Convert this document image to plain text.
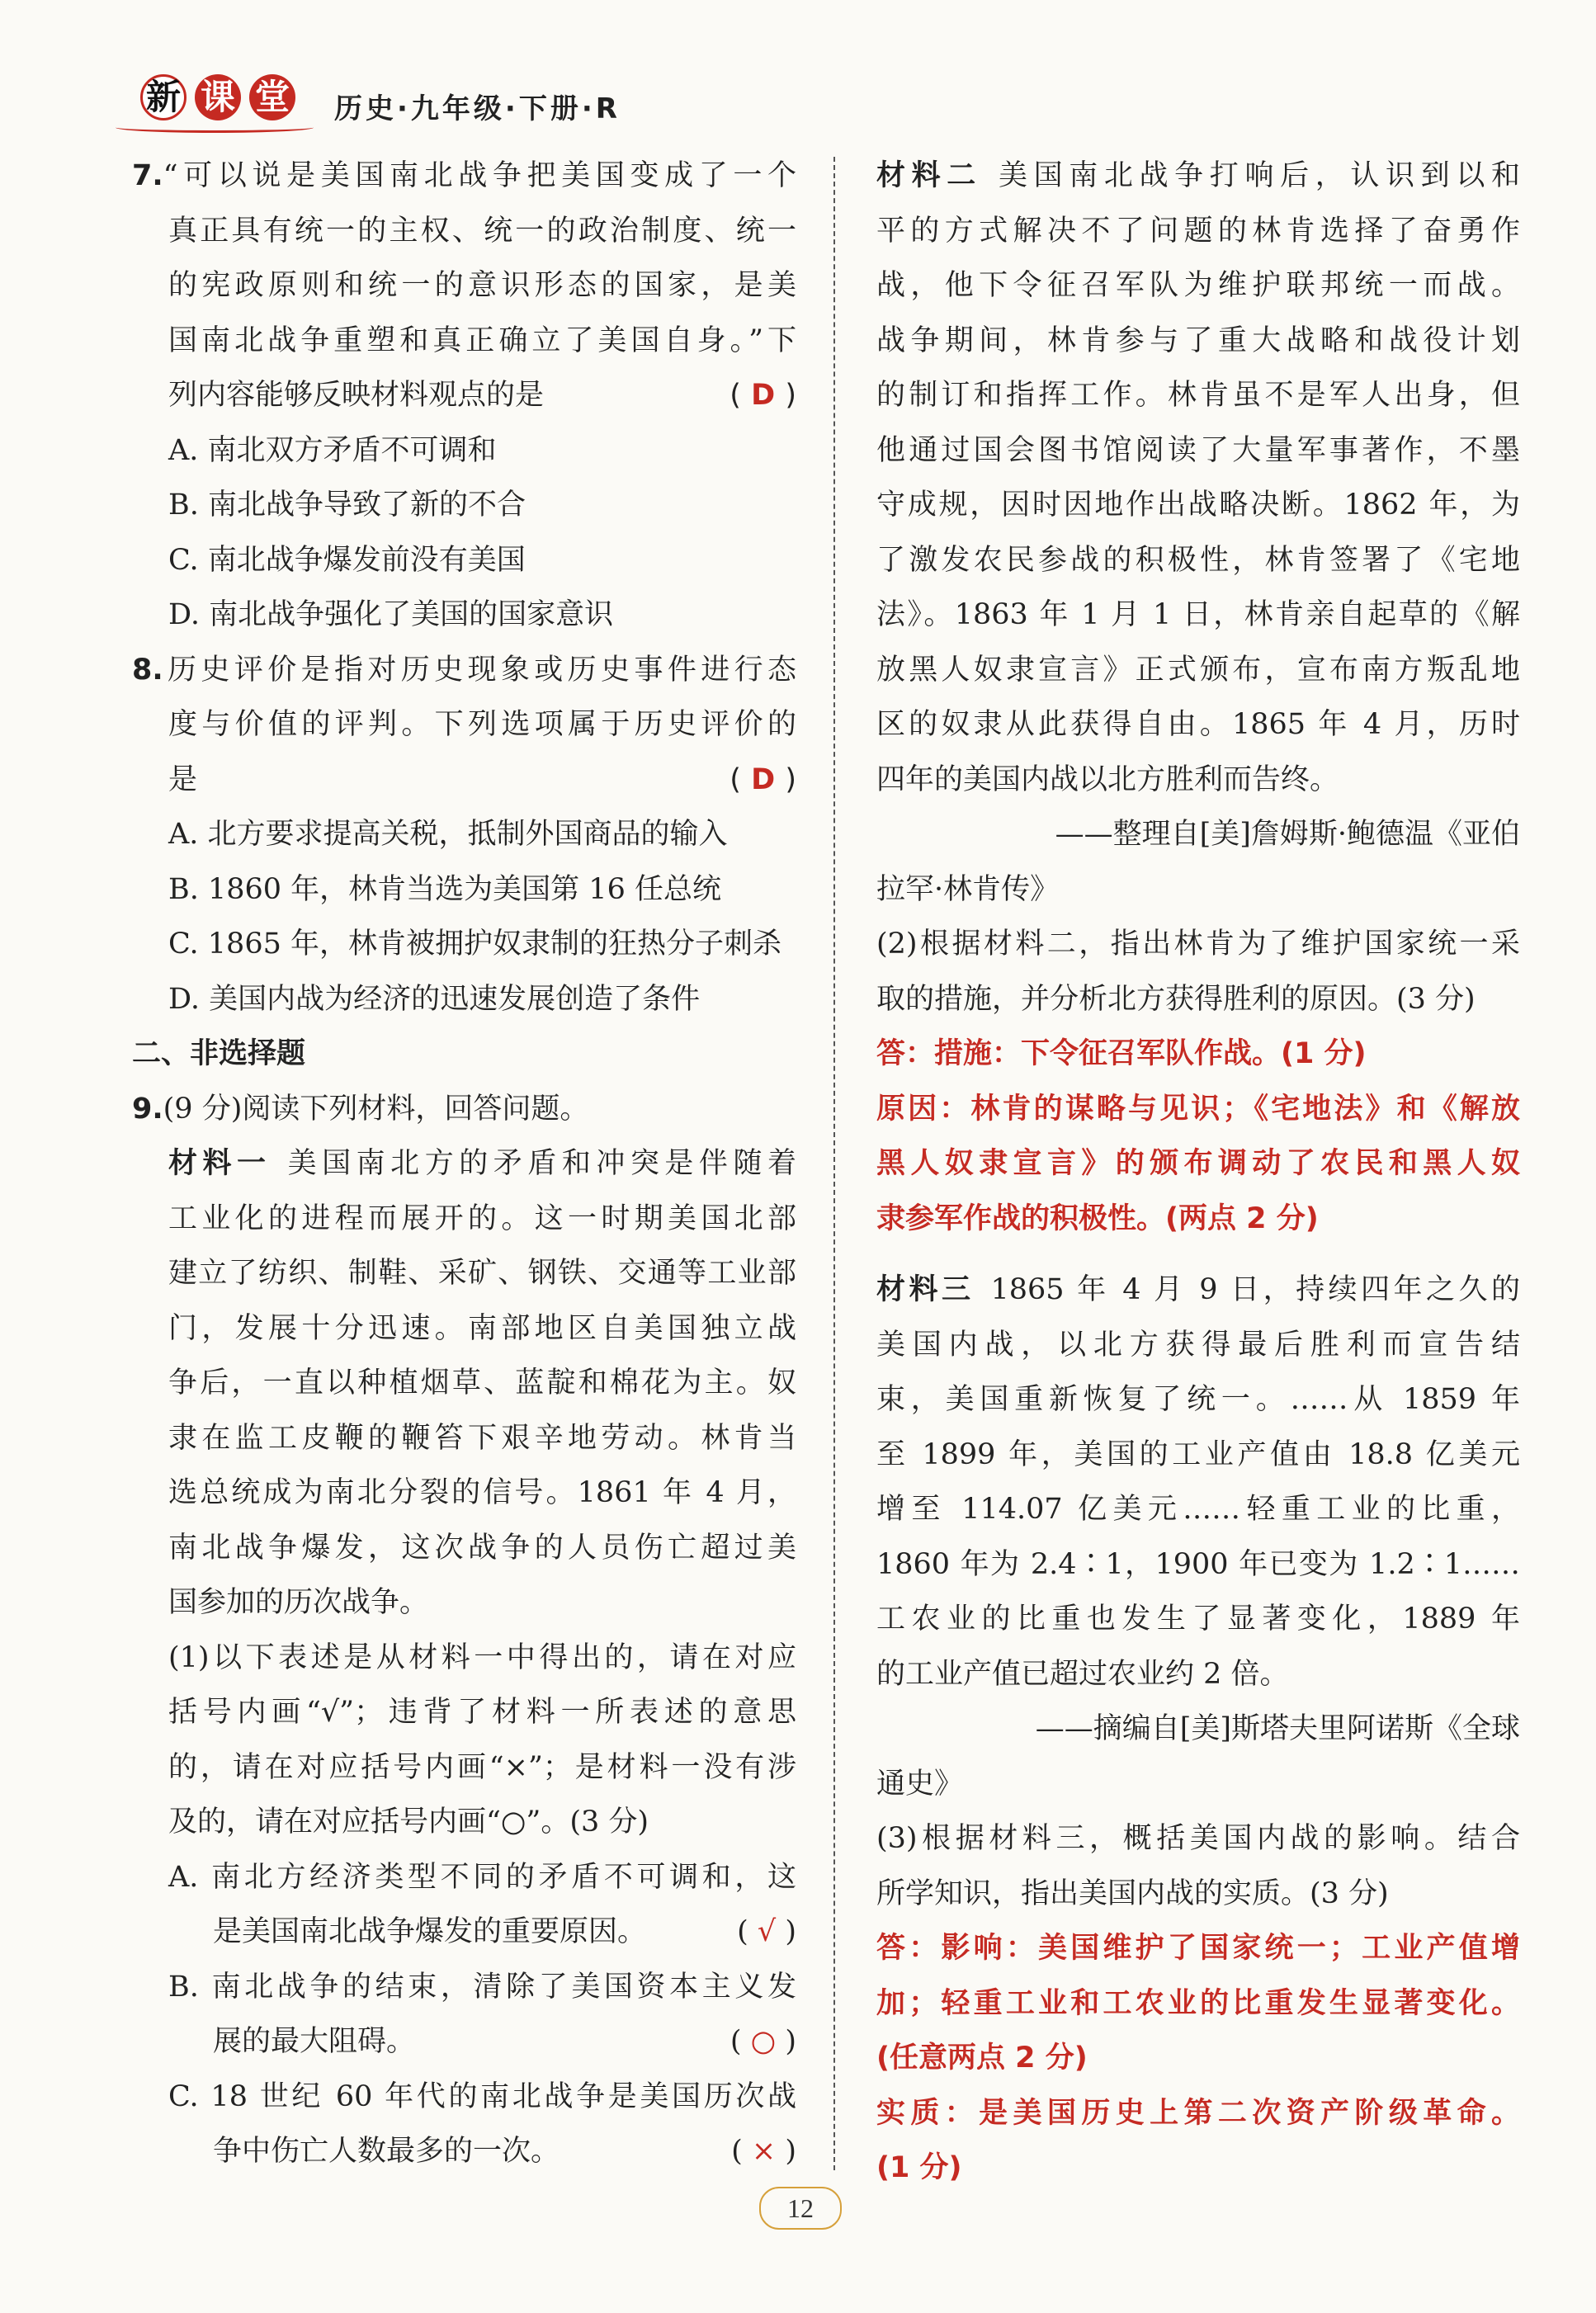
新 课 堂 历史·九年级·下册·R
7.“可以说是美国南北战争把美国变成了一个
真正具有统一的主权、统一的政治制度、统一
的宪政原则和统一的意识形态的国家，是美
国南北战争重塑和真正确立了美国自身。”下
列内容能够反映材料观点的是	( D )
A. 南北双方矛盾不可调和
B. 南北战争导致了新的不合
C. 南北战争爆发前没有美国
D. 南北战争强化了美国的国家意识
8.历史评价是指对历史现象或历史事件进行态
度与价值的评判。下列选项属于历史评价的
是	( D )
A. 北方要求提高关税，抵制外国商品的输入
B. 1860 年，林肯当选为美国第 16 任总统
C. 1865 年，林肯被拥护奴隶制的狂热分子刺杀
D. 美国内战为经济的迅速发展创造了条件
二、非选择题
9.(9 分)阅读下列材料，回答问题。
材料一 美国南北方的矛盾和冲突是伴随着
工业化的进程而展开的。这一时期美国北部
建立了纺织、制鞋、采矿、钢铁、交通等工业部
门，发展十分迅速。南部地区自美国独立战
争后，一直以种植烟草、蓝靛和棉花为主。奴
隶在监工皮鞭的鞭笞下艰辛地劳动。林肯当
选总统成为南北分裂的信号。1861 年 4 月，
南北战争爆发，这次战争的人员伤亡超过美
国参加的历次战争。
(1)以下表述是从材料一中得出的，请在对应
括号内画“√”；违背了材料一所表述的意思
的，请在对应括号内画“×”；是材料一没有涉
及的，请在对应括号内画“○”。(3 分)
A. 南北方经济类型不同的矛盾不可调和，这
是美国南北战争爆发的重要原因。	( √ )
B. 南北战争的结束，清除了美国资本主义发
展的最大阻碍。	( ○ )
C. 18 世纪 60 年代的南北战争是美国历次战
争中伤亡人数最多的一次。	( × )
材料二 美国南北战争打响后，认识到以和
平的方式解决不了问题的林肯选择了奋勇作
战，他下令征召军队为维护联邦统一而战。
战争期间，林肯参与了重大战略和战役计划
的制订和指挥工作。林肯虽不是军人出身，但
他通过国会图书馆阅读了大量军事著作，不墨
守成规，因时因地作出战略决断。1862 年，为
了激发农民参战的积极性，林肯签署了《宅地
法》。1863 年 1 月 1 日，林肯亲自起草的《解
放黑人奴隶宣言》正式颁布，宣布南方叛乱地
区的奴隶从此获得自由。1865 年 4 月，历时
四年的美国内战以北方胜利而告终。
——整理自[美]詹姆斯·鲍德温《亚伯
拉罕·林肯传》
(2)根据材料二，指出林肯为了维护国家统一采
取的措施，并分析北方获得胜利的原因。(3 分)
答：措施：下令征召军队作战。(1 分)
原因：林肯的谋略与见识；《宅地法》和《解放
黑人奴隶宣言》的颁布调动了农民和黑人奴
隶参军作战的积极性。(两点 2 分)
材料三 1865 年 4 月 9 日，持续四年之久的
美国内战，以北方获得最后胜利而宣告结
束，美国重新恢复了统一。……从 1859 年
至 1899 年，美国的工业产值由 18.8 亿美元
增至 114.07 亿美元……轻重工业的比重，
1860 年为 2.4∶1，1900 年已变为 1.2∶1……
工农业的比重也发生了显著变化，1889 年
的工业产值已超过农业约 2 倍。
——摘编自[美]斯塔夫里阿诺斯《全球
通史》
(3)根据材料三，概括美国内战的影响。结合
所学知识，指出美国内战的实质。(3 分)
答：影响：美国维护了国家统一；工业产值增
加；轻重工业和工农业的比重发生显著变化。
(任意两点 2 分)
实质：是美国历史上第二次资产阶级革命。
(1 分)
12
